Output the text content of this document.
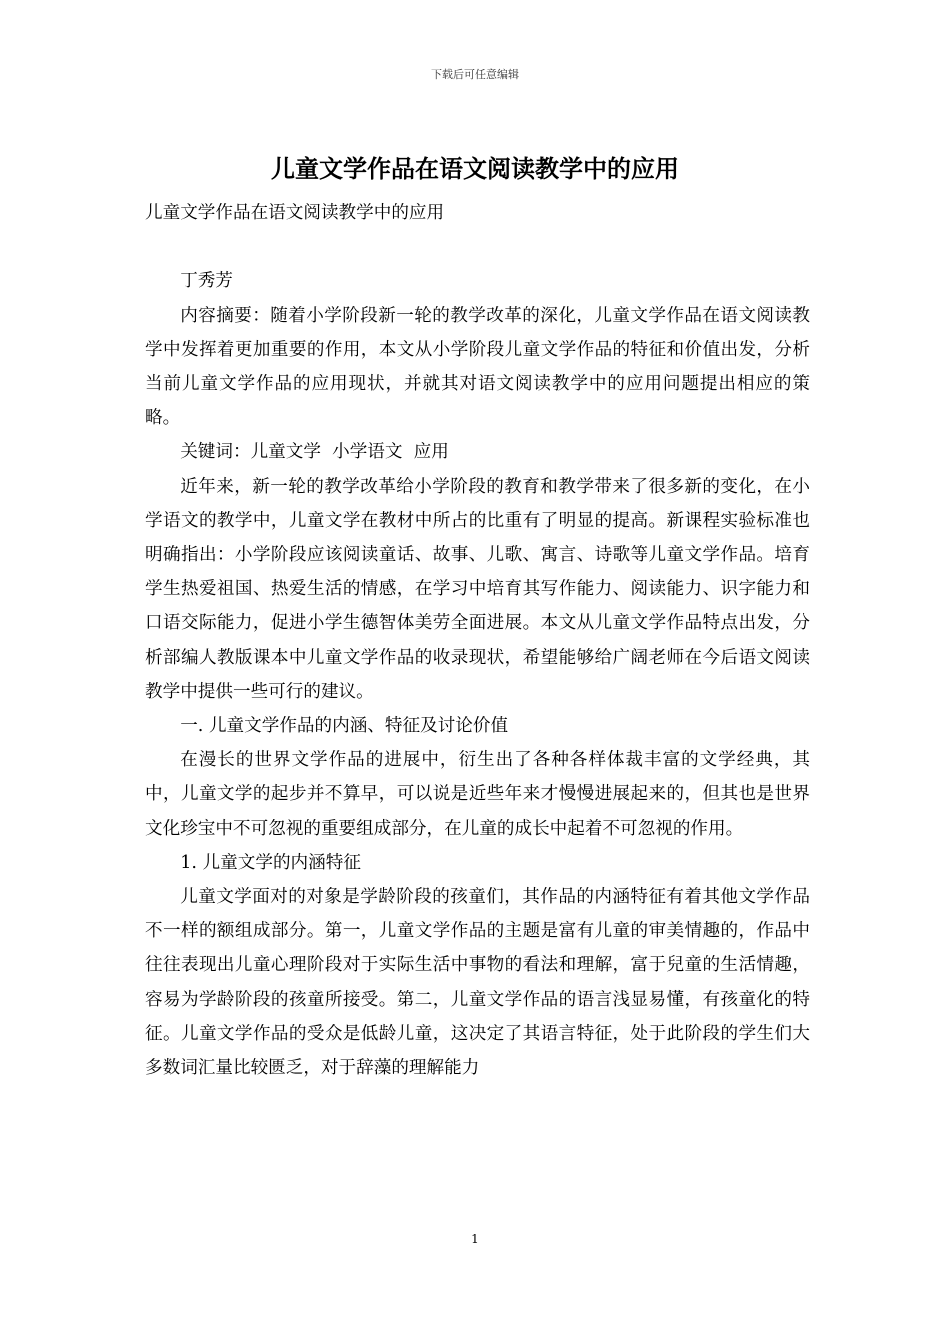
下载后可任意编辑
儿童文学作品在语文阅读教学中的应用

儿童文学作品在语文阅读教学中的应用

丁秀芳

内容摘要：随着小学阶段新一轮的教学改革的深化，儿童文学作品在语文阅读教学中发挥着更加重要的作用，本文从小学阶段儿童文学作品的特征和价值出发，分析当前儿童文学作品的应用现状，并就其对语文阅读教学中的应用问题提出相应的策略。

关键词：儿童文学  小学语文  应用

近年来，新一轮的教学改革给小学阶段的教育和教学带来了很多新的变化，在小学语文的教学中，儿童文学在教材中所占的比重有了明显的提高。新课程实验标准也明确指出：小学阶段应该阅读童话、故事、儿歌、寓言、诗歌等儿童文学作品。培育学生热爱祖国、热爱生活的情感，在学习中培育其写作能力、阅读能力、识字能力和口语交际能力，促进小学生德智体美劳全面进展。本文从儿童文学作品特点出发，分析部编人教版课本中儿童文学作品的收录现状，希望能够给广阔老师在今后语文阅读教学中提供一些可行的建议。

一. 儿童文学作品的内涵、特征及讨论价值

在漫长的世界文学作品的进展中，衍生出了各种各样体裁丰富的文学经典，其中，儿童文学的起步并不算早，可以说是近些年来才慢慢进展起来的，但其也是世界文化珍宝中不可忽视的重要组成部分，在儿童的成长中起着不可忽视的作用。

1. 儿童文学的内涵特征

儿童文学面对的对象是学龄阶段的孩童们，其作品的内涵特征有着其他文学作品不一样的额组成部分。第一，儿童文学作品的主题是富有儿童的审美情趣的，作品中往往表现出儿童心理阶段对于实际生活中事物的看法和理解，富于兒童的生活情趣，容易为学龄阶段的孩童所接受。第二，儿童文学作品的语言浅显易懂，有孩童化的特征。儿童文学作品的受众是低龄儿童，这决定了其语言特征，处于此阶段的学生们大多数词汇量比较匮乏，对于辞藻的理解能力

1
